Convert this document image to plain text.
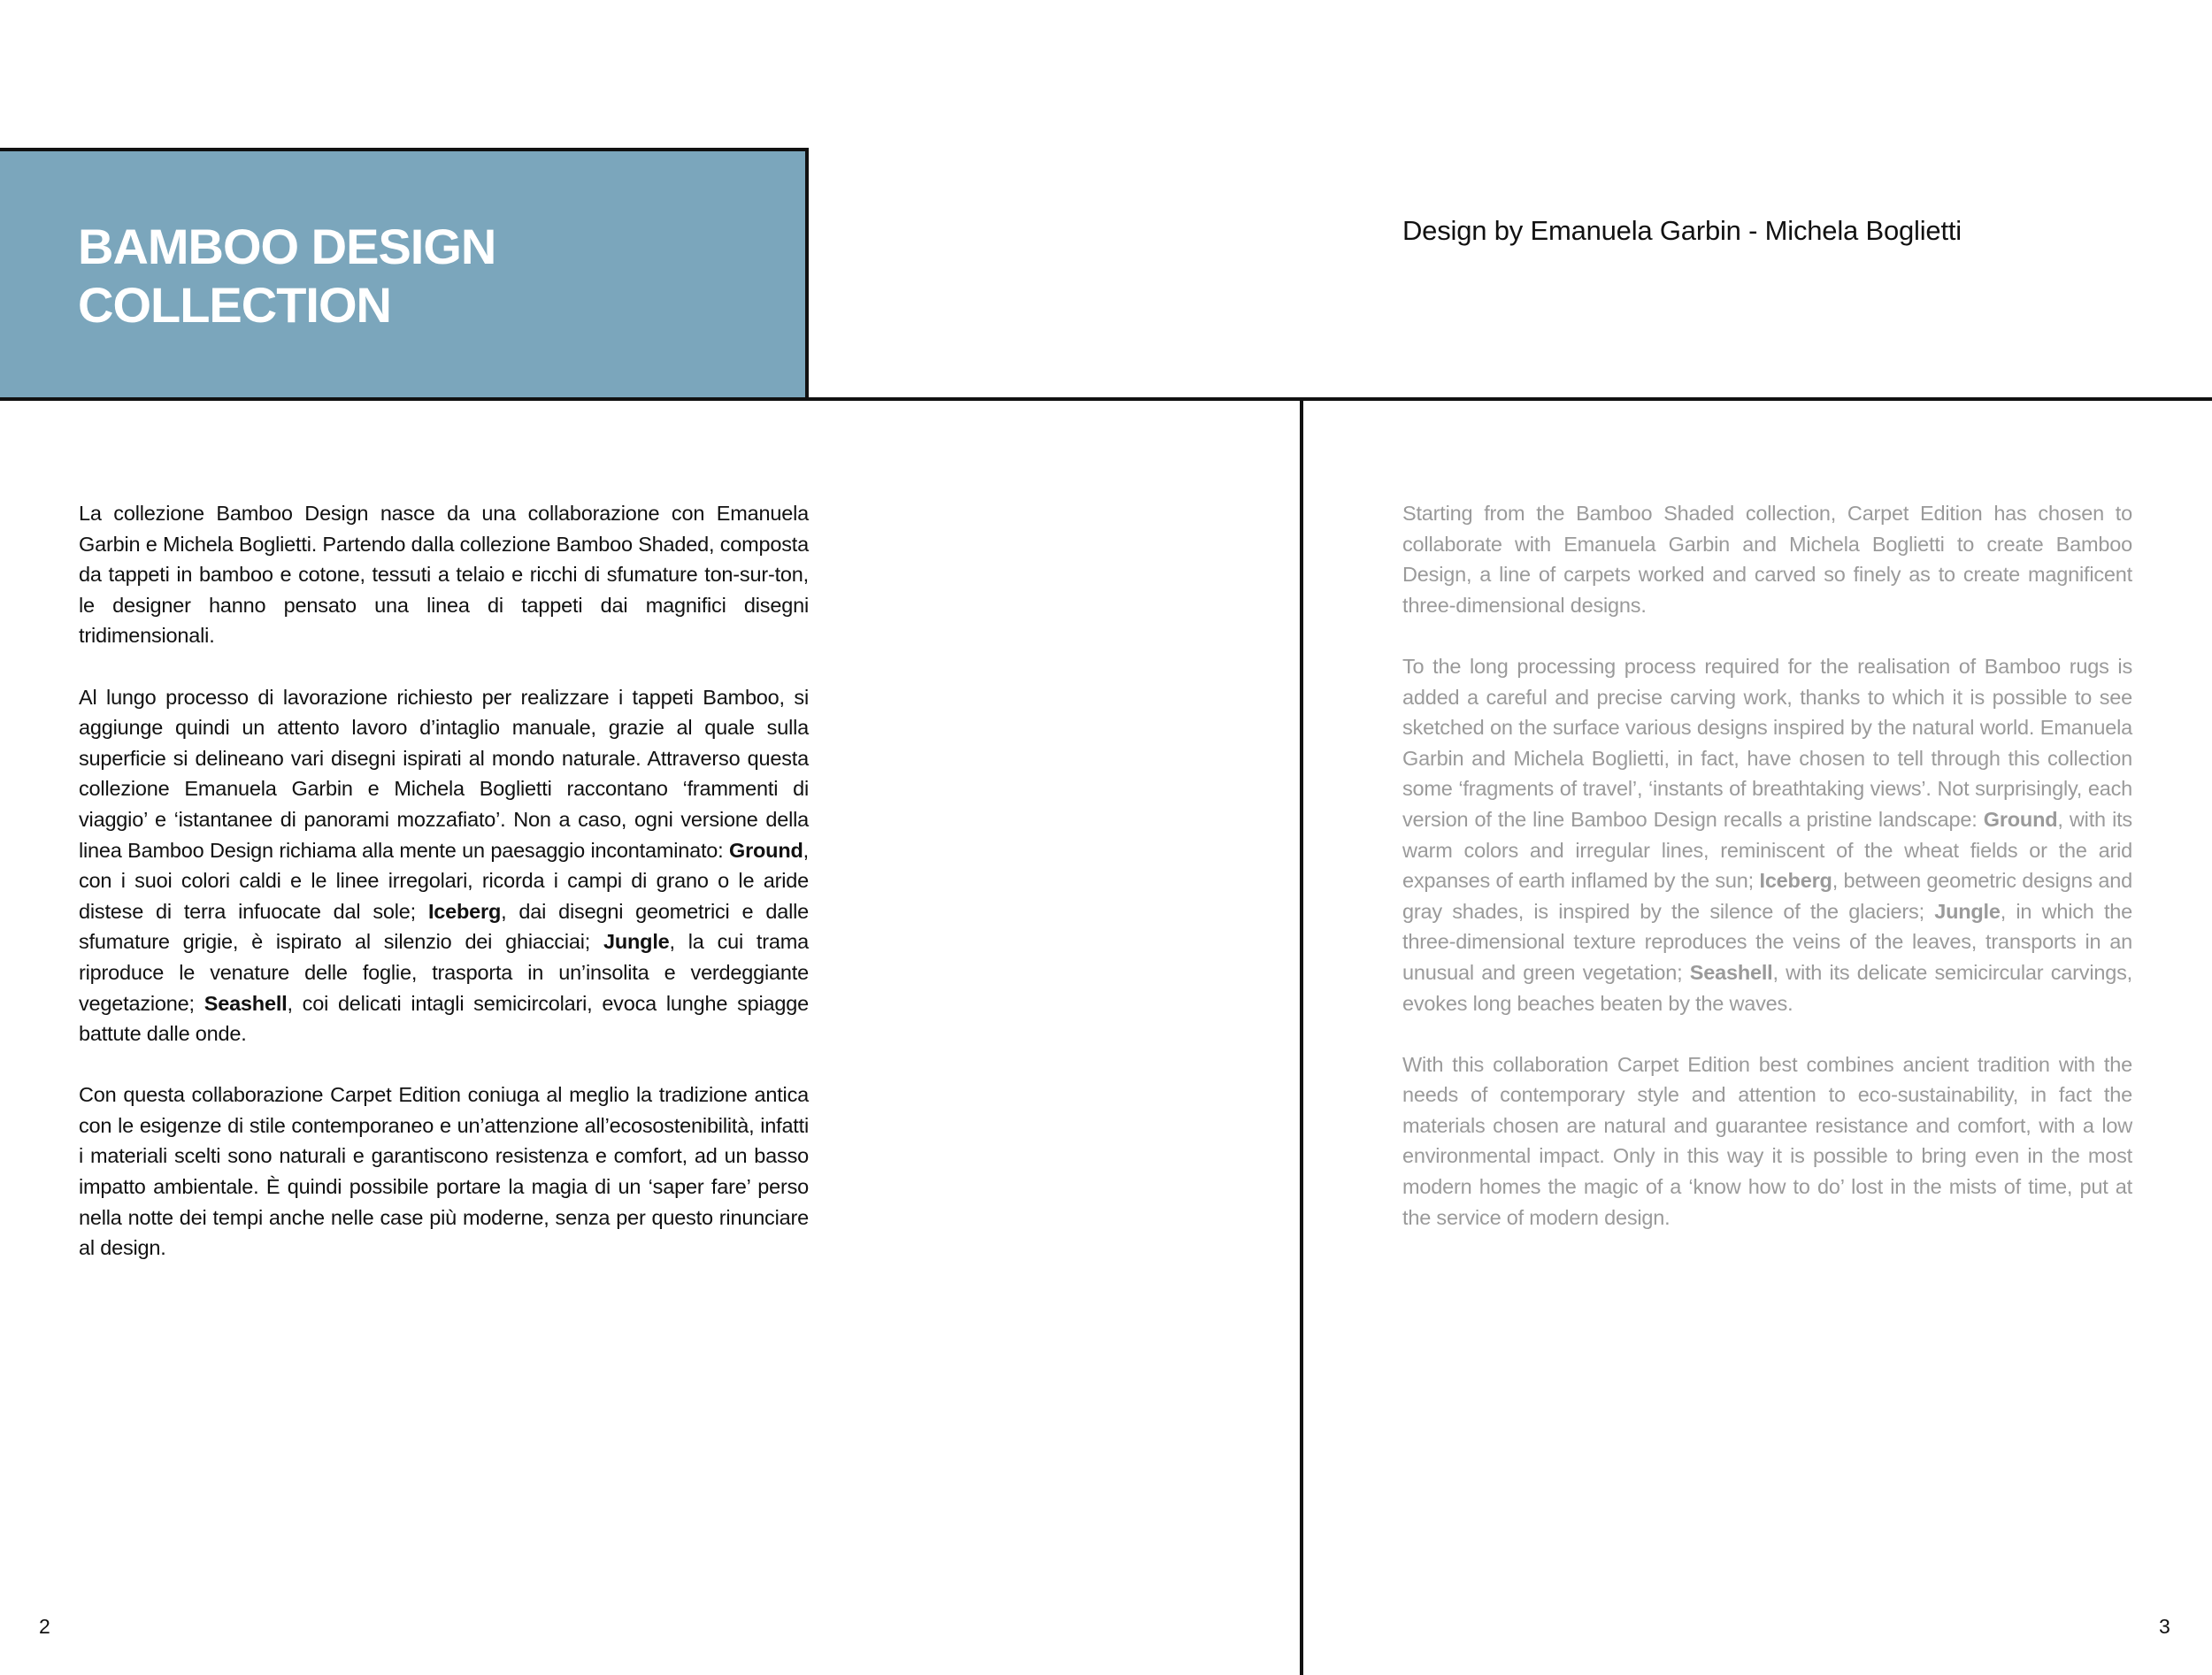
BAMBOO DESIGN
COLLECTION

Design by Emanuela Garbin - Michela Boglietti

La collezione Bamboo Design nasce da una collaborazione con Emanuela Garbin e Michela Boglietti. Partendo dalla collezione Bamboo Shaded, composta da tappeti in bamboo e cotone, tessuti a telaio e ricchi di sfumature ton-sur-ton, le designer hanno pensato una linea di tappeti dai magnifici disegni tridimensionali.

Al lungo processo di lavorazione richiesto per realizzare i tappeti Bamboo, si aggiunge quindi un attento lavoro d’intaglio manuale, grazie al quale sulla superficie si delineano vari disegni ispirati al mondo naturale. Attraverso questa collezione Emanuela Garbin e Michela Boglietti raccontano ‘frammenti di viaggio’ e ‘istantanee di panorami mozzafiato’. Non a caso, ogni versione della linea Bamboo Design richiama alla mente un paesaggio incontaminato: Ground, con i suoi colori caldi e le linee irregolari, ricorda i campi di grano o le aride distese di terra infuocate dal sole; Iceberg, dai disegni geometrici e dalle sfumature grigie, è ispirato al silenzio dei ghiacciai; Jungle, la cui trama riproduce le venature delle foglie, trasporta in un’insolita e verdeggiante vegetazione; Seashell, coi delicati intagli semicircolari, evoca lunghe spiagge battute dalle onde.

Con questa collaborazione Carpet Edition coniuga al meglio la tradizione antica con le esigenze di stile contemporaneo e un’attenzione all’ecosostenibilità, infatti i materiali scelti sono naturali e garantiscono resistenza e comfort, ad un basso impatto ambientale. È quindi possibile portare la magia di un ‘saper fare’ perso nella notte dei tempi anche nelle case più moderne, senza per questo rinunciare al design.

Starting from the Bamboo Shaded collection, Carpet Edition has chosen to collaborate with Emanuela Garbin and Michela Boglietti to create Bamboo Design, a line of carpets worked and carved so finely as to create magnificent three-dimensional designs.

To the long processing process required for the realisation of Bamboo rugs is added a careful and precise carving work, thanks to which it is possible to see sketched on the surface various designs inspired by the natural world. Emanuela Garbin and Michela Boglietti, in fact, have chosen to tell through this collection some ‘fragments of travel’, ‘instants of breathtaking views’. Not surprisingly, each version of the line Bamboo Design recalls a pristine landscape: Ground, with its warm colors and irregular lines, reminiscent of the wheat fields or the arid expanses of earth inflamed by the sun; Iceberg, between geometric designs and gray shades, is inspired by the silence of the glaciers; Jungle, in which the three-dimensional texture reproduces the veins of the leaves, transports in an unusual and green vegetation; Seashell, with its delicate semicircular carvings, evokes long beaches beaten by the waves.

With this collaboration Carpet Edition best combines ancient tradition with the needs of contemporary style and attention to eco-sustainability, in fact the materials chosen are natural and guarantee resistance and comfort, with a low environmental impact. Only in this way it is possible to bring even in the most modern homes the magic of a ‘know how to do’ lost in the mists of time, put at the service of modern design.

2	3
